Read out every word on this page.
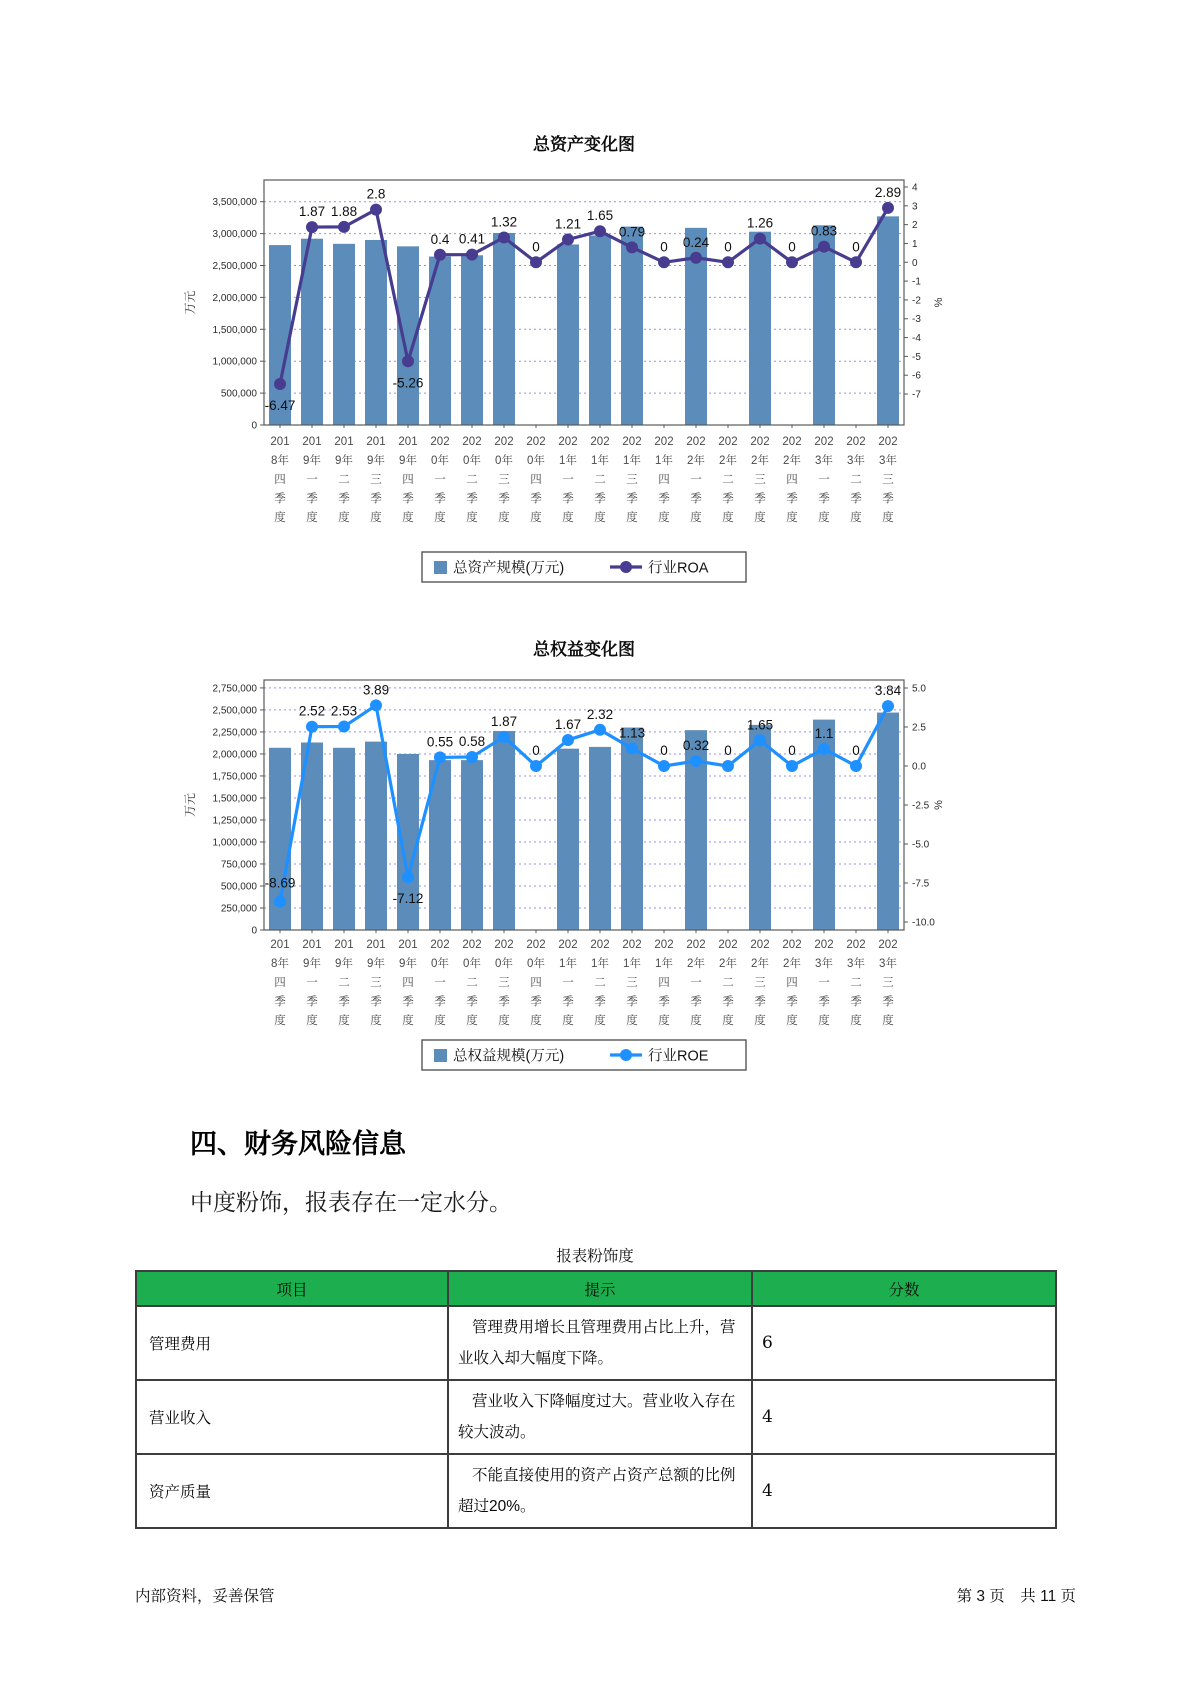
总资产变化图
3,500,000
3,000,000
2,500,000
2,000,000
1,500,000
1,000,000
500,000
0
4
3
2
1
0
-1
-2
-3
-4
-5
-6
-7
万元	%
201 8年四季度
201 9年一季度
201 9年二季度
201 9年三季度
201 9年四季度
202 0年一季度
202 0年二季度
202 0年三季度
202 0年四季度
202 1年一季度
202 1年二季度
202 1年三季度
202 1年四季度
202 2年一季度
202 2年二季度
202 2年三季度
202 2年四季度
202 3年一季度
202 3年二季度
202 3年三季度
-6.47
1.87 1.88
2.8
-5.26
0.4 0.41
1.32
0
1.21
1.65
0.79
0 0.24 0
1.26
0
0.83
0
2.89
总资产规模(万元)	行业ROA
总权益变化图
2,750,000
2,500,000
2,250,000
2,000,000
1,750,000
1,500,000
1,250,000
1,000,000
750,000
500,000
250,000
0
5.0
2.5
0.0
-2.5
-5.0
-7.5
-10.0
万元	%
201 8年四季度
201 9年一季度
201 9年二季度
201 9年三季度
201 9年四季度
202 0年一季度
202 0年二季度
202 0年三季度
202 0年四季度
202 1年一季度
202 1年二季度
202 1年三季度
202 1年四季度
202 2年一季度
202 2年二季度
202 2年三季度
202 2年四季度
202 3年一季度
202 3年二季度
202 3年三季度
-8.69
2.52 2.53
3.89
-7.12
0.55 0.58
1.87
0
1.67
2.32
1.13
0 0.32 0
1.65
0
1.1
0
3.84
总权益规模(万元)	行业ROE
四、财务风险信息
中度粉饰，报表存在一定水分。
报表粉饰度
项目	提示	分数
管理费用	管理费用增长且管理费用占比上升，营业收入却大幅度下降。	6
营业收入	营业收入下降幅度过大。营业收入存在较大波动。	4
资产质量	不能直接使用的资产占资产总额的比例超过20%。	4
内部资料，妥善保管	第 3 页　共 11 页
